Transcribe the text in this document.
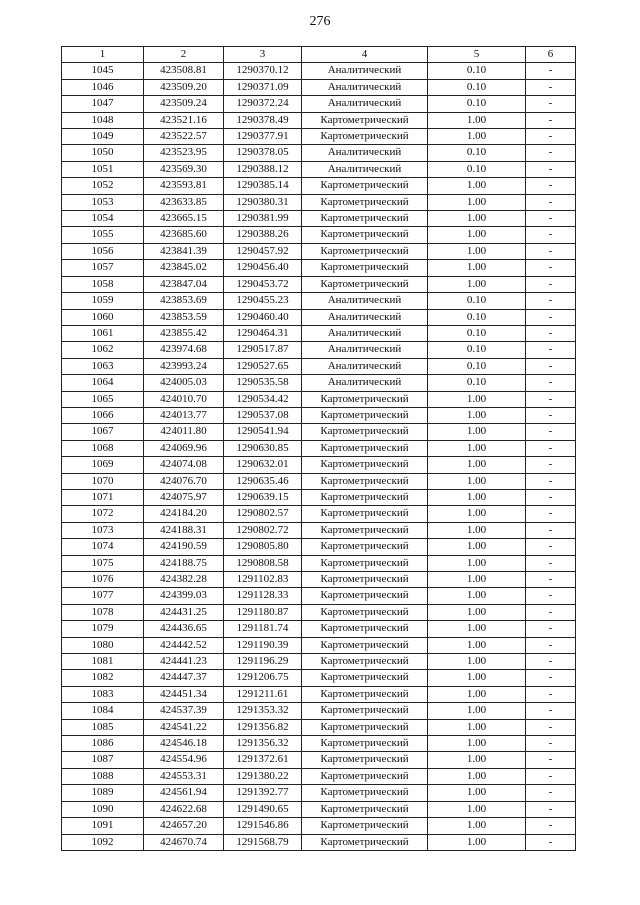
276
1	2	3	4	5	6
1045	423508.81	1290370.12	Аналитический	0.10	-
1046	423509.20	1290371.09	Аналитический	0.10	-
1047	423509.24	1290372.24	Аналитический	0.10	-
1048	423521.16	1290378.49	Картометрический	1.00	-
1049	423522.57	1290377.91	Картометрический	1.00	-
1050	423523.95	1290378.05	Аналитический	0.10	-
1051	423569.30	1290388.12	Аналитический	0.10	-
1052	423593.81	1290385.14	Картометрический	1.00	-
1053	423633.85	1290380.31	Картометрический	1.00	-
1054	423665.15	1290381.99	Картометрический	1.00	-
1055	423685.60	1290388.26	Картометрический	1.00	-
1056	423841.39	1290457.92	Картометрический	1.00	-
1057	423845.02	1290456.40	Картометрический	1.00	-
1058	423847.04	1290453.72	Картометрический	1.00	-
1059	423853.69	1290455.23	Аналитический	0.10	-
1060	423853.59	1290460.40	Аналитический	0.10	-
1061	423855.42	1290464.31	Аналитический	0.10	-
1062	423974.68	1290517.87	Аналитический	0.10	-
1063	423993.24	1290527.65	Аналитический	0.10	-
1064	424005.03	1290535.58	Аналитический	0.10	-
1065	424010.70	1290534.42	Картометрический	1.00	-
1066	424013.77	1290537.08	Картометрический	1.00	-
1067	424011.80	1290541.94	Картометрический	1.00	-
1068	424069.96	1290630.85	Картометрический	1.00	-
1069	424074.08	1290632.01	Картометрический	1.00	-
1070	424076.70	1290635.46	Картометрический	1.00	-
1071	424075.97	1290639.15	Картометрический	1.00	-
1072	424184.20	1290802.57	Картометрический	1.00	-
1073	424188.31	1290802.72	Картометрический	1.00	-
1074	424190.59	1290805.80	Картометрический	1.00	-
1075	424188.75	1290808.58	Картометрический	1.00	-
1076	424382.28	1291102.83	Картометрический	1.00	-
1077	424399.03	1291128.33	Картометрический	1.00	-
1078	424431.25	1291180.87	Картометрический	1.00	-
1079	424436.65	1291181.74	Картометрический	1.00	-
1080	424442.52	1291190.39	Картометрический	1.00	-
1081	424441.23	1291196.29	Картометрический	1.00	-
1082	424447.37	1291206.75	Картометрический	1.00	-
1083	424451.34	1291211.61	Картометрический	1.00	-
1084	424537.39	1291353.32	Картометрический	1.00	-
1085	424541.22	1291356.82	Картометрический	1.00	-
1086	424546.18	1291356.32	Картометрический	1.00	-
1087	424554.96	1291372.61	Картометрический	1.00	-
1088	424553.31	1291380.22	Картометрический	1.00	-
1089	424561.94	1291392.77	Картометрический	1.00	-
1090	424622.68	1291490.65	Картометрический	1.00	-
1091	424657.20	1291546.86	Картометрический	1.00	-
1092	424670.74	1291568.79	Картометрический	1.00	-
